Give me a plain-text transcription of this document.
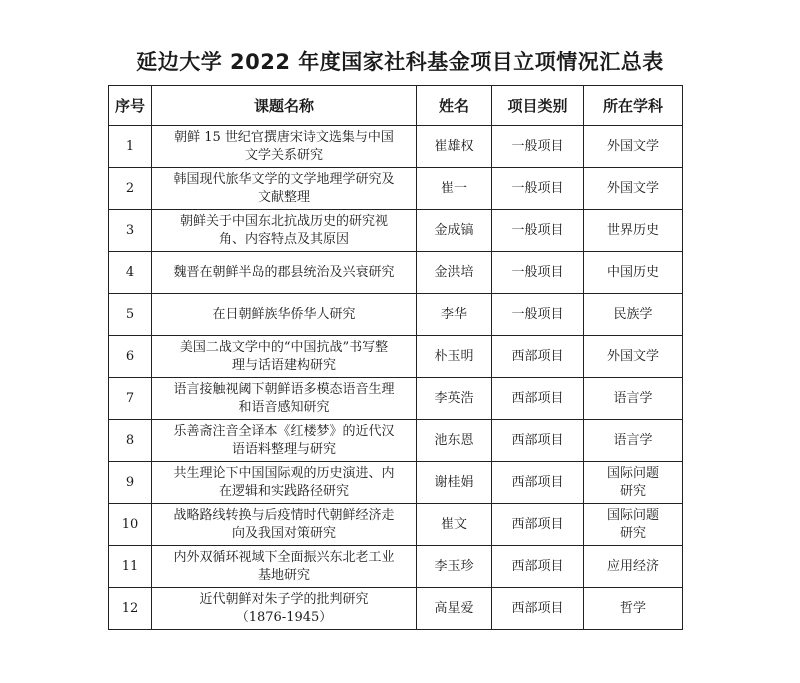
延边大学 2022 年度国家社科基金项目立项情况汇总表
序号	课题名称	姓名	项目类别	所在学科
1	朝鲜 15 世纪官撰唐宋诗文选集与中国
文学关系研究	崔雄权	一般项目	外国文学

2	韩国现代旅华文学的文学地理学研究及
文献整理	崔一	一般项目	外国文学

3	朝鲜关于中国东北抗战历史的研究视
角、内容特点及其原因	金成镐	一般项目	世界历史

4	魏晋在朝鲜半岛的郡县统治及兴衰研究	金洪培	一般项目	中国历史

5	在日朝鲜族华侨华人研究	李华	一般项目	民族学

6	美国二战文学中的“中国抗战”书写整
理与话语建构研究	朴玉明	西部项目	外国文学

7	语言接触视阈下朝鲜语多模态语音生理
和语音感知研究	李英浩	西部项目	语言学

8	乐善斋注音全译本《红楼梦》的近代汉
语语料整理与研究	池东恩	西部项目	语言学

9	共生理论下中国国际观的历史演进、内
在逻辑和实践路径研究	谢桂娟	西部项目	国际问题
研究

10	战略路线转换与后疫情时代朝鲜经济走
向及我国对策研究	崔文	西部项目	国际问题
研究

11	内外双循环视域下全面振兴东北老工业
基地研究	李玉珍	西部项目	应用经济

12	近代朝鲜对朱子学的批判研究
（1876-1945）	高星爱	西部项目	哲学
